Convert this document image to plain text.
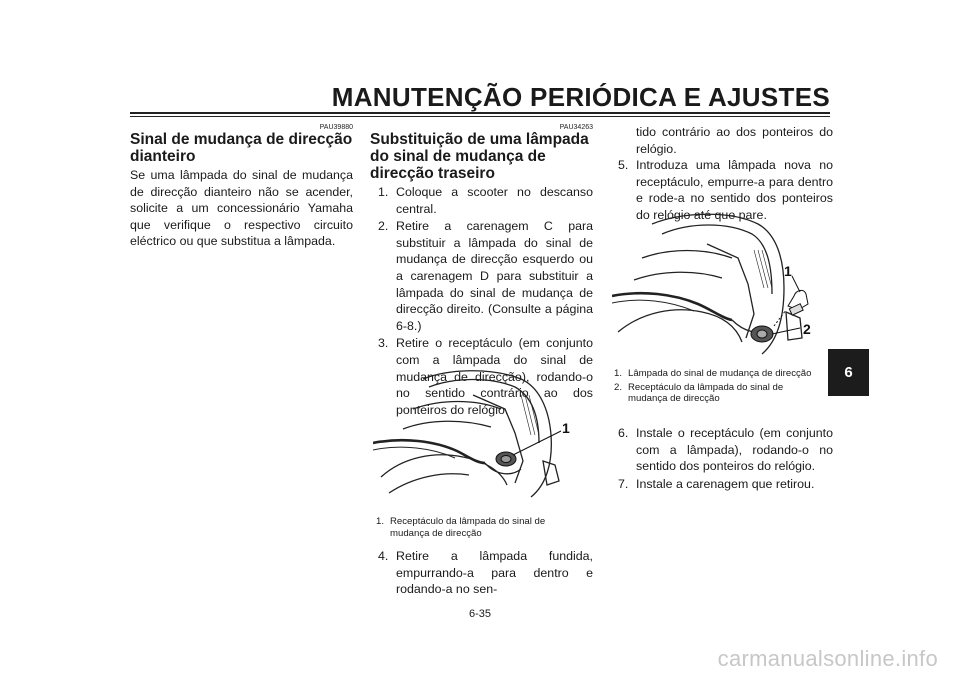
MANUTENÇÃO PERIÓDICA E AJUSTES
6
PAU39880
Sinal de mudança de direcção dianteiro

Se uma lâmpada do sinal de mudança de direcção dianteiro não se acender, solicite a um concessionário Yamaha que verifique o respectivo circuito eléctrico ou que substitua a lâmpada.

PAU34263
Substituição de uma lâmpada do sinal de mudança de direcção traseiro
1. Coloque a scooter no descanso central.
2. Retire a carenagem C para substituir a lâmpada do sinal de mudança de direcção esquerdo ou a carenagem D para substituir a lâmpada do sinal de mudança de direcção direito. (Consulte a página 6-8.)
3. Retire o receptáculo (em conjunto com a lâmpada do sinal de mudança de direcção), rodando-o no sentido contrário ao dos ponteiros do relógio.
1
1. Receptáculo da lâmpada do sinal de mudança de direcção
4. Retire a lâmpada fundida, empurrando-a para dentro e rodando-a no sen-

tido contrário ao dos ponteiros do relógio.

5. Introduza uma lâmpada nova no receptáculo, empurre-a para dentro e rode-a no sentido dos ponteiros do relógio até que pare.
1
2
1. Lâmpada do sinal de mudança de direcção
2. Receptáculo da lâmpada do sinal de mudança de direcção
6. Instale o receptáculo (em conjunto com a lâmpada), rodando-o no sentido dos ponteiros do relógio.
7. Instale a carenagem que retirou.
6-35
carmanualsonline.info
